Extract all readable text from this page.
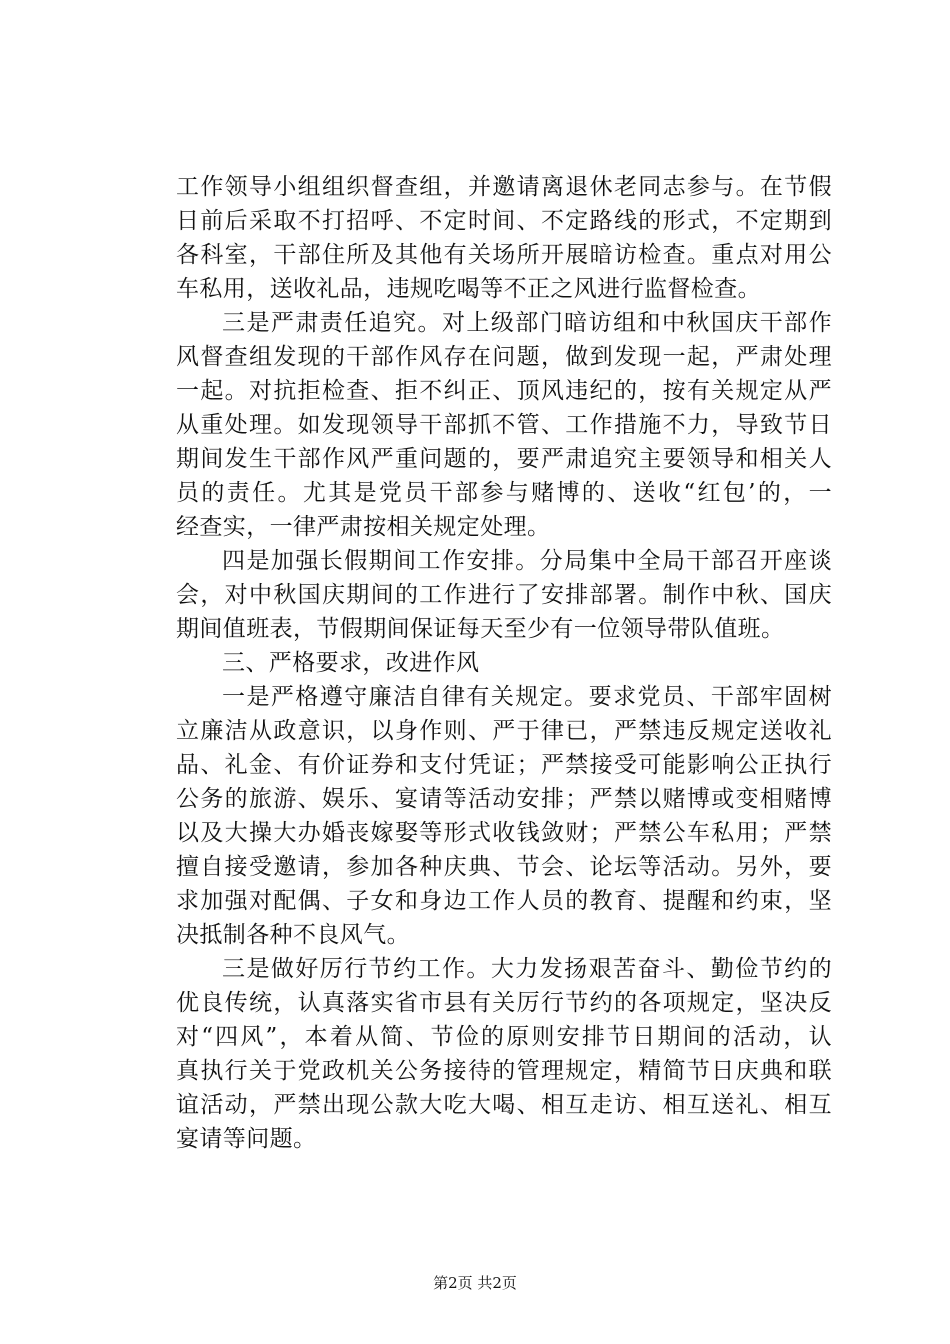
工作领导小组组织督查组，并邀请离退休老同志参与。在节假
日前后采取不打招呼、不定时间、不定路线的形式，不定期到
各科室，干部住所及其他有关场所开展暗访检查。重点对用公
车私用，送收礼品，违规吃喝等不正之风进行监督检查。
三是严肃责任追究。对上级部门暗访组和中秋国庆干部作
风督查组发现的干部作风存在问题，做到发现一起，严肃处理
一起。对抗拒检查、拒不纠正、顶风违纪的，按有关规定从严
从重处理。如发现领导干部抓不管、工作措施不力，导致节日
期间发生干部作风严重问题的，要严肃追究主要领导和相关人
员的责任。尤其是党员干部参与赌博的、送收“红包’的，一
经查实，一律严肃按相关规定处理。
四是加强长假期间工作安排。分局集中全局干部召开座谈
会，对中秋国庆期间的工作进行了安排部署。制作中秋、国庆
期间值班表，节假期间保证每天至少有一位领导带队值班。
三、严格要求，改进作风
一是严格遵守廉洁自律有关规定。要求党员、干部牢固树
立廉洁从政意识，以身作则、严于律已，严禁违反规定送收礼
品、礼金、有价证券和支付凭证；严禁接受可能影响公正执行
公务的旅游、娱乐、宴请等活动安排；严禁以赌博或变相赌博
以及大操大办婚丧嫁娶等形式收钱敛财；严禁公车私用；严禁
擅自接受邀请，参加各种庆典、节会、论坛等活动。另外，要
求加强对配偶、子女和身边工作人员的教育、提醒和约束，坚
决抵制各种不良风气。
三是做好厉行节约工作。大力发扬艰苦奋斗、勤俭节约的
优良传统，认真落实省市县有关厉行节约的各项规定，坚决反
对“四风”，本着从简、节俭的原则安排节日期间的活动，认
真执行关于党政机关公务接待的管理规定，精简节日庆典和联
谊活动，严禁出现公款大吃大喝、相互走访、相互送礼、相互
宴请等问题。
第2页 共2页
